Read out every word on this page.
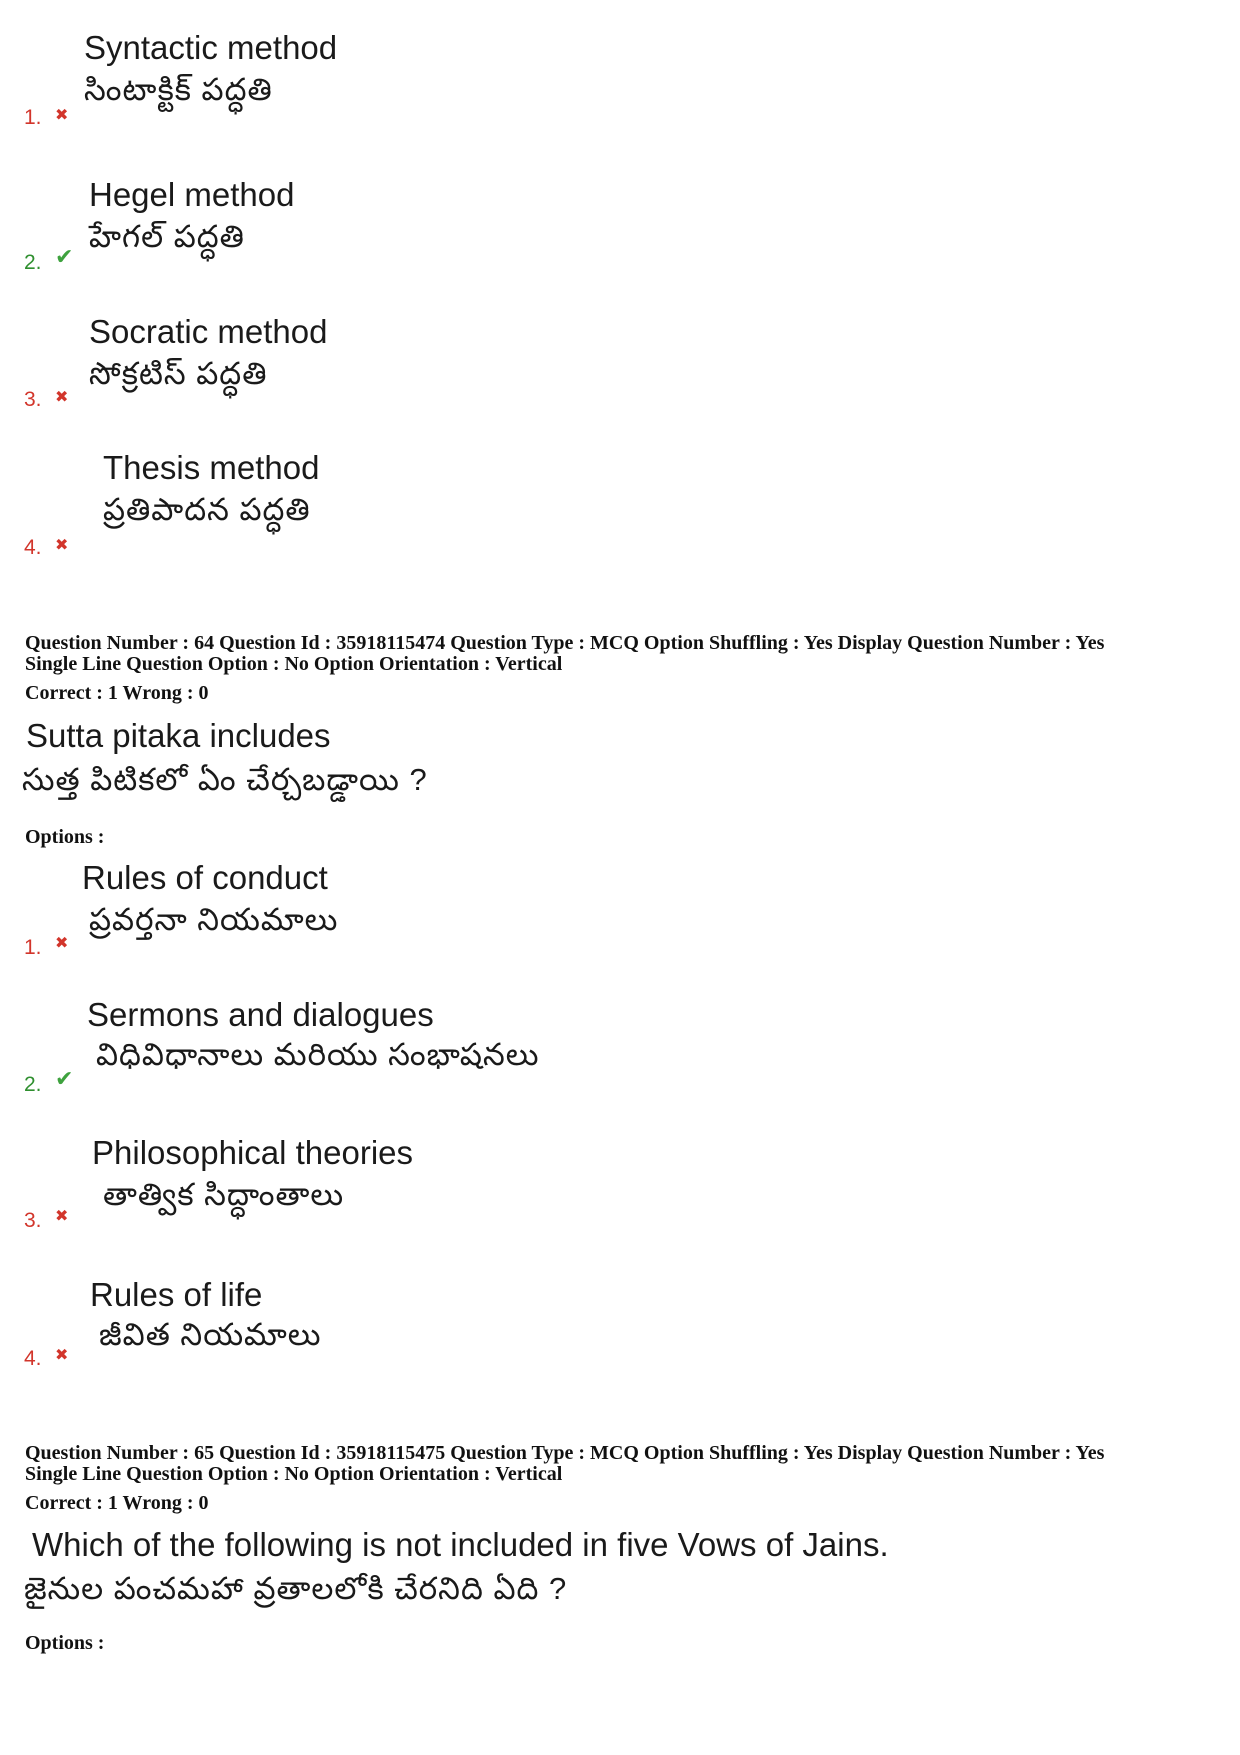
Syntactic method
సింటాక్టిక్ పద్ధతి
1. ✖
Hegel method
హేగల్ పద్ధతి
2. ✔
Socratic method
సోక్రటిస్ పద్ధతి
3. ✖
Thesis method
ప్రతిపాదన పద్ధతి
4. ✖
Question Number : 64 Question Id : 35918115474 Question Type : MCQ Option Shuffling : Yes Display Question Number : Yes
Single Line Question Option : No Option Orientation : Vertical
Correct : 1 Wrong : 0
Sutta pitaka includes
సుత్త పిటికలో ఏం చేర్చబడ్డాయి ?
Options :
Rules of conduct
ప్రవర్తనా నియమాలు
1. ✖
Sermons and dialogues
విధివిధానాలు మరియు సంభాషనలు
2. ✔
Philosophical theories
తాత్విక సిద్ధాంతాలు
3. ✖
Rules of life
జీవిత నియమాలు
4. ✖
Question Number : 65 Question Id : 35918115475 Question Type : MCQ Option Shuffling : Yes Display Question Number : Yes
Single Line Question Option : No Option Orientation : Vertical
Correct : 1 Wrong : 0
Which of the following is not included in five Vows of Jains.
జైనుల పంచమహా వ్రతాలలోకి చేరనిది ఏది ?
Options :
